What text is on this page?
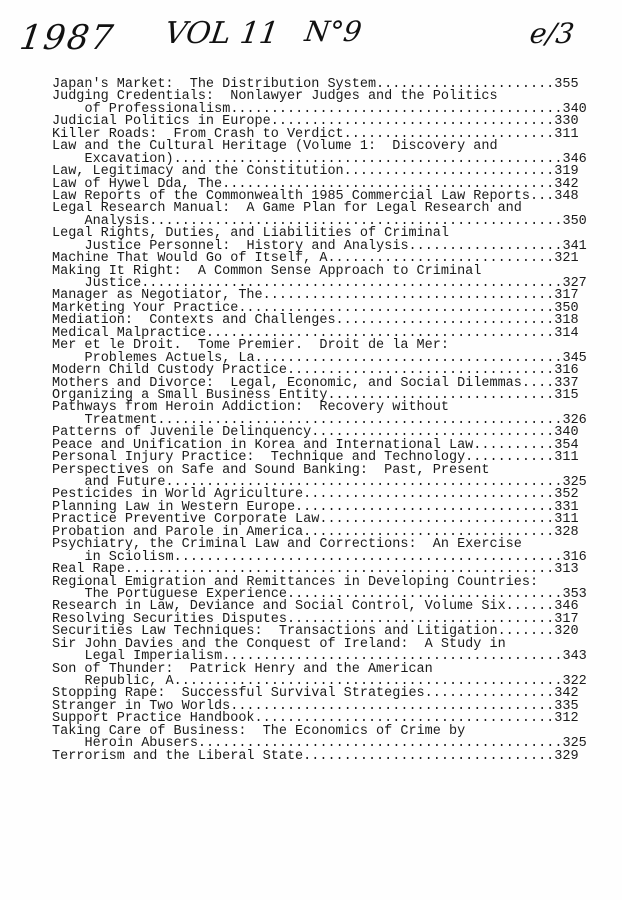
1987 VOL 11 N°9	e/3
Japan's Market:  The Distribution System......................355
Judging Credentials:  Nonlawyer Judges and the Politics
of Professionalism.........................................340
Judicial Politics in Europe...................................330
Killer Roads:  From Crash to Verdict..........................311
Law and the Cultural Heritage (Volume 1:  Discovery and
Excavation)................................................346
Law, Legitimacy and the Constitution..........................319
Law of Hywel Dda, The.........................................342
Law Reports of the Commonwealth 1985 Commercial Law Reports...348
Legal Research Manual:  A Game Plan for Legal Research and
Analysis...................................................350
Legal Rights, Duties, and Liabilities of Criminal
Justice Personnel:  History and Analysis...................341
Machine That Would Go of Itself, A............................321
Making It Right:  A Common Sense Approach to Criminal
Justice....................................................327
Manager as Negotiator, The....................................317
Marketing Your Practice.......................................350
Mediation:  Contexts and Challenges...........................318
Medical Malpractice...........................................314
Mer et le Droit.  Tome Premier.  Droit de la Mer:
Problemes Actuels, La......................................345
Modern Child Custody Practice.................................316
Mothers and Divorce:  Legal, Economic, and Social Dilemmas....337
Organizing a Small Business Entity............................315
Pathways from Heroin Addiction:  Recovery without
Treatment..................................................326
Patterns of Juvenile Delinquency..............................340
Peace and Unification in Korea and International Law..........354
Personal Injury Practice:  Technique and Technology...........311
Perspectives on Safe and Sound Banking:  Past, Present
and Future.................................................325
Pesticides in World Agriculture...............................352
Planning Law in Western Europe................................331
Practice Preventive Corporate Law.............................311
Probation and Parole in America...............................328
Psychiatry, the Criminal Law and Corrections:  An Exercise
in Sciolism................................................316
Real Rape.....................................................313
Regional Emigration and Remittances in Developing Countries:
The Portuguese Experience..................................353
Research in Law, Deviance and Social Control, Volume Six......346
Resolving Securities Disputes.................................317
Securities Law Techniques:  Transactions and Litigation.......320
Sir John Davies and the Conquest of Ireland:  A Study in
Legal Imperialism..........................................343
Son of Thunder:  Patrick Henry and the American
Republic, A................................................322
Stopping Rape:  Successful Survival Strategies................342
Stranger in Two Worlds........................................335
Support Practice Handbook.....................................312
Taking Care of Business:  The Economics of Crime by
Heroin Abusers.............................................325
Terrorism and the Liberal State...............................329
